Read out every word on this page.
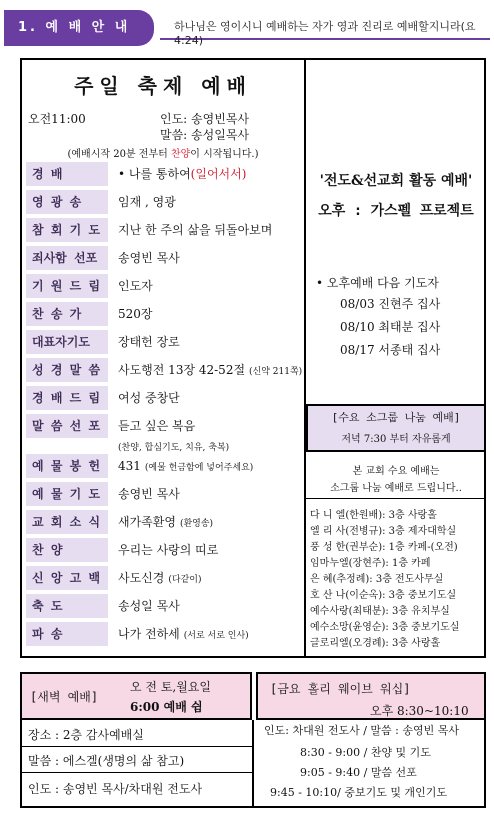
1. 예 배 안 내	하나님은 영이시니 예배하는 자가 영과 진리로 예배할지니라(요 4:24)
주일 축제 예배
오전11:00	인도: 송영빈목사
말씀: 송성일목사
(예배시작 20분 전부터 찬양이 시작됩니다.)
경 배	• 나를 통하여(일어서서)
영 광 송	임재 , 영광
참 회 기 도	지난 한 주의 삶을 뒤돌아보며
죄사함 선포	송영빈 목사
기 원 드 림	인도자
찬 송 가	520장
대표자기도	장태헌 장로
성 경 말 씀	사도행전 13장 42-52절 (신약 211쪽)
경 배 드 림	여성 중창단
말 씀 선 포	듣고 싶은 복음
예 물 봉 헌	431 (예물 헌금함에 넣어주세요)
예 물 기 도	송영빈 목사
교 회 소 식	새가족환영 (환영송)
찬 양	우리는 사랑의 띠로
신 앙 고 백	사도신경 (다같이)
축 도	송성일 목사
파 송	나가 전하세 (서로 서로 인사)
(찬양, 합심기도, 치유, 축복)
'전도&선교회 활동 예배'
오후 : 가스펠 프로젝트
• 오후예배 다음 기도자
08/03 진현주 집사
08/10 최태분 집사
08/17 서종태 집사
[수요 소그룹 나눔 예배]
저녁 7:30 부터 자유롭게
본 교회 수요 예배는
소그룹 나눔 예배로 드립니다..
다 니 엘(한원배): 3층 사랑홀
엘 리 사(전병규): 3층 제자대학실
풍 성 한(권부순): 1층 카페-(오전)
임마누엘(장현주): 1층 카페
은 혜(추정례): 3층 전도사무실
호 산 나(이순옥): 3층 중보기도실
예수사랑(최태분): 3층 유치부실
예수소망(윤영순): 3층 중보기도실
글로리엘(오경례): 3층 사랑홀
[새벽 예배]
오 전 토,월요일
6:00 예배 쉼
장소 : 2층 감사예배실
말씀 : 에스겔(생명의 삶 참고)
인도 : 송영빈 목사/차대원 전도사
[금요 홀리 웨이브 워십]
오후 8:30~10:10
인도: 차대원 전도사 / 말씀 : 송영빈 목사
8:30 - 9:00 / 찬양 및 기도
9:05 - 9:40 / 말씀 선포
9:45 - 10:10/ 중보기도 및 개인기도
